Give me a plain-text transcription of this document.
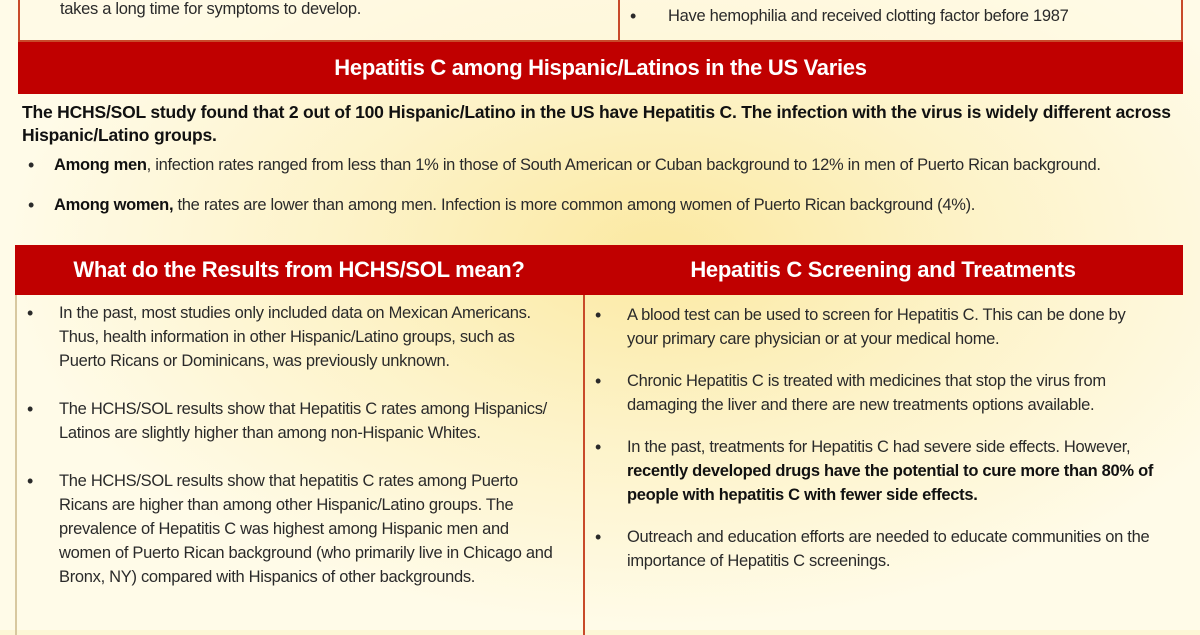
takes a long time for symptoms to develop.	• Have hemophilia and received clotting factor before 1987
Hepatitis C among Hispanic/Latinos in the US Varies

The HCHS/SOL study found that 2 out of 100 Hispanic/Latino in the US have Hepatitis C. The infection with the virus is widely different across Hispanic/Latino groups.

• Among men, infection rates ranged from less than 1% in those of South American or Cuban background to 12% in men of Puerto Rican background.
• Among women, the rates are lower than among men. Infection is more common among women of Puerto Rican background (4%).
What do the Results from HCHS/SOL mean?	Hepatitis C Screening and Treatments
• In the past, most studies only included data on Mexican Americans. Thus, health information in other Hispanic/Latino groups, such as Puerto Ricans or Dominicans, was previously unknown.
• The HCHS/SOL results show that Hepatitis C rates among Hispanics/ Latinos are slightly higher than among non-Hispanic Whites.
• The HCHS/SOL results show that hepatitis C rates among Puerto Ricans are higher than among other Hispanic/Latino groups. The prevalence of Hepatitis C was highest among Hispanic men and women of Puerto Rican background (who primarily live in Chicago and Bronx, NY) compared with Hispanics of other backgrounds.
• A blood test can be used to screen for Hepatitis C. This can be done by your primary care physician or at your medical home.
• Chronic Hepatitis C is treated with medicines that stop the virus from damaging the liver and there are new treatments options available.
• In the past, treatments for Hepatitis C had severe side effects. However, recently developed drugs have the potential to cure more than 80% of people with hepatitis C with fewer side effects.
• Outreach and education efforts are needed to educate communities on the importance of Hepatitis C screenings.
